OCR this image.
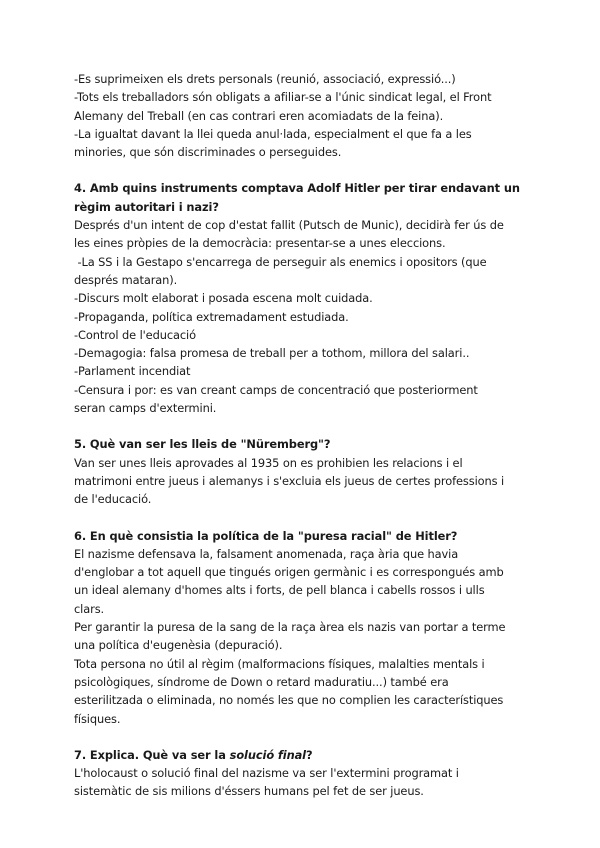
-Es suprimeixen els drets personals (reunió, associació, expressió...)
-Tots els treballadors són obligats a afiliar-se a l'únic sindicat legal, el Front
Alemany del Treball (en cas contrari eren acomiadats de la feina).
-La igualtat davant la llei queda anul·lada, especialment el que fa a les
minories, que són discriminades o perseguides.
4. Amb quins instruments comptava Adolf Hitler per tirar endavant un
règim autoritari i nazi?
Després d'un intent de cop d'estat fallit (Putsch de Munic), decidirà fer ús de
les eines pròpies de la democràcia: presentar-se a unes eleccions.
-La SS i la Gestapo s'encarrega de perseguir als enemics i opositors (que
després mataran).
-Discurs molt elaborat i posada escena molt cuidada.
-Propaganda, política extremadament estudiada.
-Control de l'educació
-Demagogia: falsa promesa de treball per a tothom, millora del salari..
-Parlament incendiat
-Censura i por: es van creant camps de concentració que posteriorment
seran camps d'extermini.
5. Què van ser les lleis de "Nüremberg"?
Van ser unes lleis aprovades al 1935 on es prohibien les relacions i el
matrimoni entre jueus i alemanys i s'excluia els jueus de certes professions i
de l'educació.
6. En què consistia la política de la "puresa racial" de Hitler?
El nazisme defensava la, falsament anomenada, raça ària que havia
d'englobar a tot aquell que tingués origen germànic i es correspongués amb
un ideal alemany d'homes alts i forts, de pell blanca i cabells rossos i ulls
clars.
Per garantir la puresa de la sang de la raça àrea els nazis van portar a terme
una política d'eugenèsia (depuració).
Tota persona no útil al règim (malformacions físiques, malalties mentals i
psicològiques, síndrome de Down o retard maduratiu...) també era
esterilitzada o eliminada, no només les que no complien les característiques
físiques.
7. Explica. Què va ser la solució final?
L'holocaust o solució final del nazisme va ser l'extermini programat i
sistemàtic de sis milions d'éssers humans pel fet de ser jueus.
